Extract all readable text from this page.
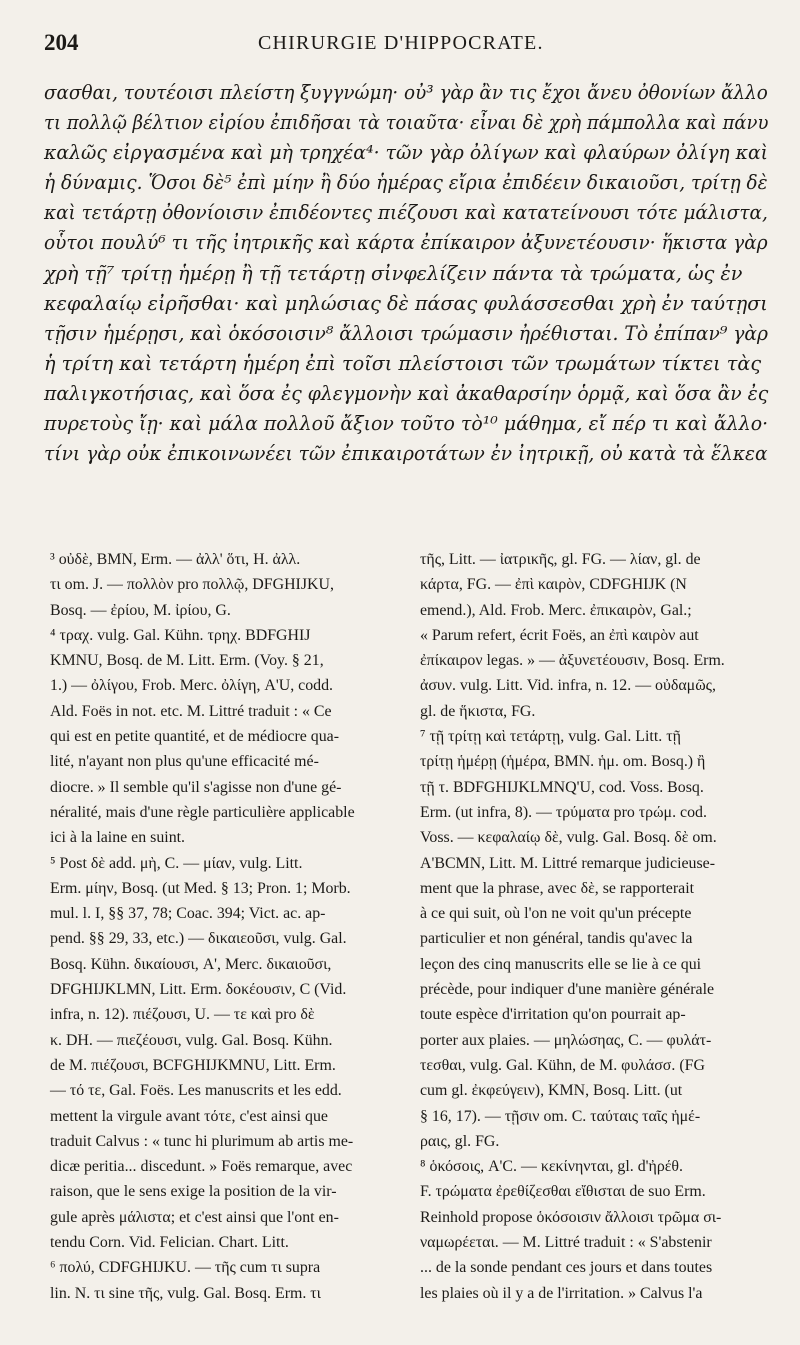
204	CHIRURGIE D'HIPPOCRATE.
σασθαι, τουτέοισι πλείστη ξυγγνώμη· οὐ³ γὰρ ἂν τις ἔχοι ἄνευ ὀθονίων ἄλλο
τι πολλῷ βέλτιον εἰρίου ἐπιδῆσαι τὰ τοιαῦτα· εἶναι δὲ χρὴ πάμπολλα καὶ πάνυ
καλῶς εἰργασμένα καὶ μὴ τρηχέα⁴· τῶν γὰρ ὀλίγων καὶ φλαύρων ὀλίγη καὶ
ἡ δύναμις. Ὅσοι δὲ⁵ ἐπὶ μίην ἢ δύο ἡμέρας εἴρια ἐπιδέειν δικαιοῦσι, τρίτῃ δὲ
καὶ τετάρτῃ ὀθονίοισιν ἐπιδέοντες πιέζουσι καὶ κατατείνουσι τότε μάλιστα,
οὗτοι πουλύ⁶ τι τῆς ἰητρικῆς καὶ κάρτα ἐπίκαιρον ἀξυνετέουσιν· ἥκιστα γὰρ
χρὴ τῇ⁷ τρίτῃ ἡμέρῃ ἢ τῇ τετάρτῃ σἰνφελίζειν πάντα τὰ τρώματα, ὡς ἐν
κεφαλαίῳ εἰρῆσθαι· καὶ μηλώσιας δὲ πάσας φυλάσσεσθαι χρὴ ἐν ταύτῃσι
τῇσιν ἡμέρῃσι, καὶ ὁκόσοισιν⁸ ἄλλοισι τρώμασιν ἠρέθισται. Τὸ ἐπίπαν⁹ γὰρ
ἡ τρίτη καὶ τετάρτη ἡμέρη ἐπὶ τοῖσι πλείστοισι τῶν τρωμάτων τίκτει τὰς
παλιγκοτήσιας, καὶ ὅσα ἐς φλεγμονὴν καὶ ἀκαθαρσίην ὁρμᾷ, καὶ ὅσα ἂν ἐς
πυρετοὺς ἴῃ· καὶ μάλα πολλοῦ ἄξιον τοῦτο τὸ¹⁰ μάθημα, εἴ πέρ τι καὶ ἄλλο·
τίνι γὰρ οὐκ ἐπικοινωνέει τῶν ἐπικαιροτάτων ἐν ἰητρικῇ, οὐ κατὰ τὰ ἕλκεα
³ οὐδὲ, BMN, Erm. — ἀλλ' ὅτι, H. ἀλλ.
τι om. J. — πολλὸν pro πολλῷ, DFGHIJKU,
Bosq. — ἐρίου, M. ἰρίου, G.
⁴ τραχ. vulg. Gal. Kühn. τρηχ. BDFGHIJ
KMNU, Bosq. de M. Litt. Erm. (Voy. § 21,
1.) — ὀλίγου, Frob. Merc. ὀλίγη, A'U, codd.
Ald. Foës in not. etc. M. Littré traduit : « Ce
qui est en petite quantité, et de médiocre qua-
lité, n'ayant non plus qu'une efficacité mé-
diocre. » Il semble qu'il s'agisse non d'une gé-
néralité, mais d'une règle particulière applicable
ici à la laine en suint.
⁵ Post δὲ add. μὴ, C. — μίαν, vulg. Litt.
Erm. μίην, Bosq. (ut Med. § 13; Pron. 1; Morb.
mul. l. I, §§ 37, 78; Coac. 394; Vict. ac. ap-
pend. §§ 29, 33, etc.) — δικαιεοῦσι, vulg. Gal.
Bosq. Kühn. δικαίουσι, A', Merc. δικαιοῦσι,
DFGHIJKLMN, Litt. Erm. δοκέουσιν, C (Vid.
infra, n. 12). πιέζουσι, U. — τε καὶ pro δὲ
κ. DH. — πιεζέουσι, vulg. Gal. Bosq. Kühn.
de M. πιέζουσι, BCFGHIJKMNU, Litt. Erm.
— τό τε, Gal. Foës. Les manuscrits et les edd.
mettent la virgule avant τότε, c'est ainsi que
traduit Calvus : « tunc hi plurimum ab artis me-
dicæ peritia... discedunt. » Foës remarque, avec
raison, que le sens exige la position de la vir-
gule après μάλιστα; et c'est ainsi que l'ont en-
tendu Corn. Vid. Felician. Chart. Litt.
⁶ πολύ, CDFGHIJKU. — τῆς cum τι supra
lin. N. τι sine τῆς, vulg. Gal. Bosq. Erm. τι
τῆς, Litt. — ἰατρικῆς, gl. FG. — λίαν, gl. de
κάρτα, FG. — ἐπὶ καιρὸν, CDFGHIJK (N
emend.), Ald. Frob. Merc. ἐπικαιρὸν, Gal.;
« Parum refert, écrit Foës, an ἐπὶ καιρὸν aut
ἐπίκαιρον legas. » — ἀξυνετέουσιν, Bosq. Erm.
ἀσυν. vulg. Litt. Vid. infra, n. 12. — οὐδαμῶς,
gl. de ἥκιστα, FG.
⁷ τῇ τρίτῃ καὶ τετάρτῃ, vulg. Gal. Litt. τῇ
τρίτῃ ἡμέρῃ (ἡμέρα, BMN. ἡμ. om. Bosq.) ἢ
τῇ τ. BDFGHIJKLMNQ'U, cod. Voss. Bosq.
Erm. (ut infra, 8). — τρύματα pro τρώμ. cod.
Voss. — κεφαλαίῳ δὲ, vulg. Gal. Bosq. δὲ om.
A'BCMN, Litt. M. Littré remarque judicieuse-
ment que la phrase, avec δὲ, se rapporterait
à ce qui suit, où l'on ne voit qu'un précepte
particulier et non général, tandis qu'avec la
leçon des cinq manuscrits elle se lie à ce qui
précède, pour indiquer d'une manière générale
toute espèce d'irritation qu'on pourrait ap-
porter aux plaies. — μηλώσηας, C. — φυλάτ-
τεσθαι, vulg. Gal. Kühn, de M. φυλάσσ. (FG
cum gl. ἐκφεύγειν), KMN, Bosq. Litt. (ut
§ 16, 17). — τῇσιν om. C. ταύταις ταῖς ἡμέ-
ραις, gl. FG.
⁸ ὁκόσοις, A'C. — κεκίνηνται, gl. d'ἠρέθ.
F. τρώματα ἐρεθίζεσθαι εἴθισται de suo Erm.
Reinhold propose ὁκόσοισιν ἄλλοισι τρῶμα σι-
ναμωρέεται. — M. Littré traduit : « S'abstenir
... de la sonde pendant ces jours et dans toutes
les plaies où il y a de l'irritation. » Calvus l'a
